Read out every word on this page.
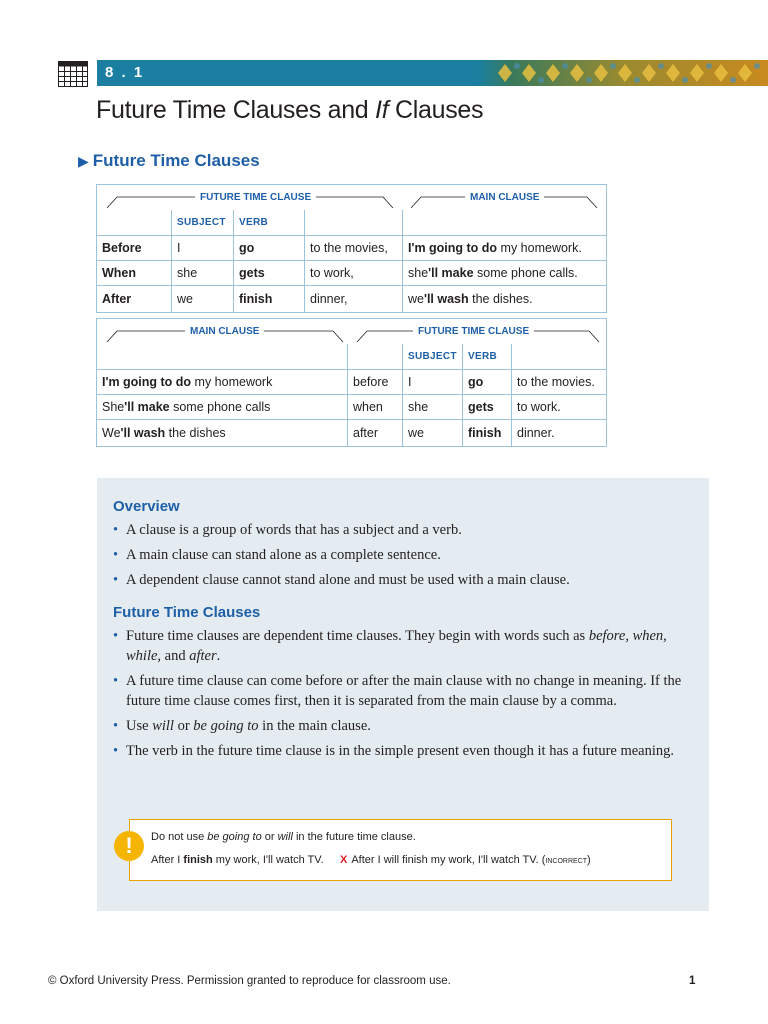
8 . 1
Future Time Clauses and If Clauses
▶ Future Time Clauses
FUTURE TIME CLAUSE	MAIN CLAUSE
SUBJECT	VERB
Before	I	go	to the movies,	I'm going to do my homework.
When	she	gets	to work,	she 'll make some phone calls.
After	we	finish	dinner,	we 'll wash the dishes.
MAIN CLAUSE	FUTURE TIME CLAUSE
SUBJECT	VERB
I'm going to do my homework	before	I	go	to the movies.
She 'll make some phone calls	when	she	gets	to work.
We 'll wash the dishes	after	we	finish	dinner.
Overview
• A clause is a group of words that has a subject and a verb.
• A main clause can stand alone as a complete sentence.
• A dependent clause cannot stand alone and must be used with a main clause.
Future Time Clauses
• Future time clauses are dependent time clauses. They begin with words such as before, when, while, and after.
• A future time clause can come before or after the main clause with no change in meaning. If the future time clause comes first, then it is separated from the main clause by a comma.
• Use will or be going to in the main clause.
• The verb in the future time clause is in the simple present even though it has a future meaning.
Do not use be going to or will in the future time clause.
After I finish my work, I'll watch TV. X After I will finish my work, I'll watch TV. (incorrect)
!
© Oxford University Press. Permission granted to reproduce for classroom use.	1
